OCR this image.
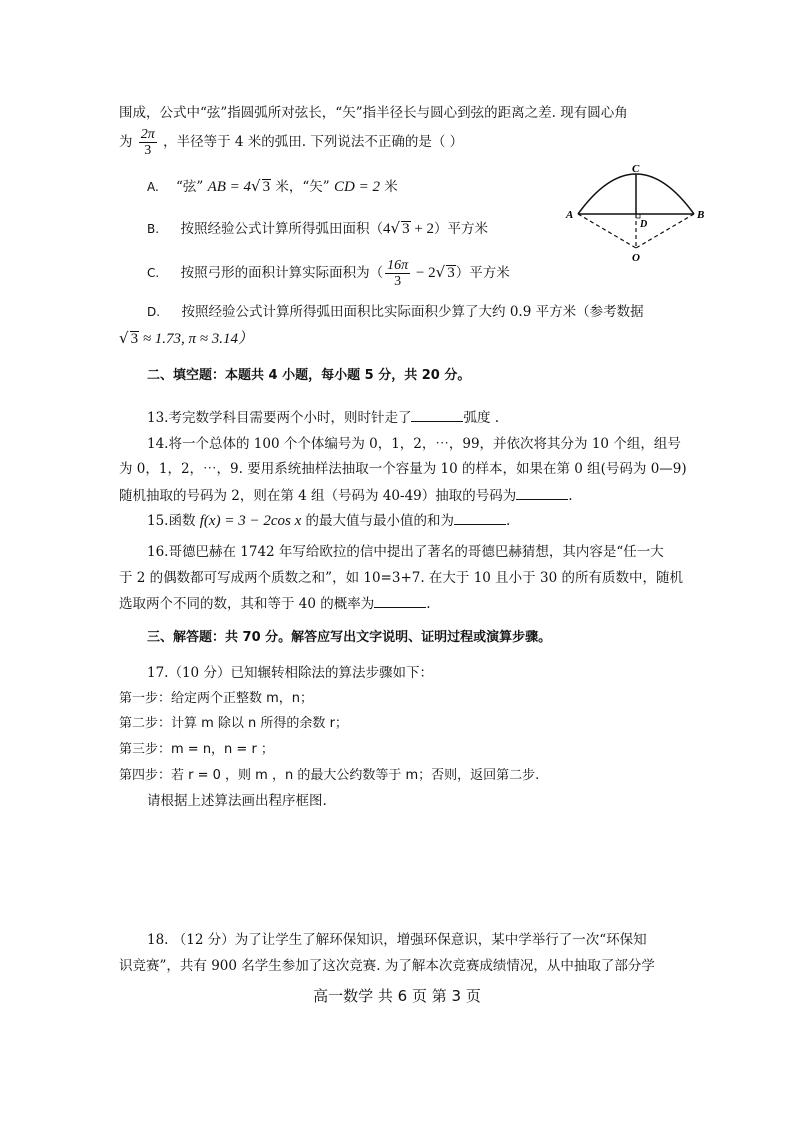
围成，公式中“弦”指圆弧所对弦长，“矢”指半径长与圆心到弦的距离之差. 现有圆心角
为 $\frac{2\pi}{3}$ ，半径等于 4 米的弧田. 下列说法不正确的是（ ）
A. “弦” AB = 4√ 3 米，“矢” CD = 2 米
B. 按照经验公式计算所得弧田面积（4√ 3 + 2）平方米
C. 按照弓形的面积计算实际面积为（ $\frac{16\pi}{3} - 2√$ 3）平方米
D. 按照经验公式计算所得弧田面积比实际面积少算了大约 0.9 平方米（参考数据
√ 3 ≈ 1.73, π ≈ 3.14）
A	B
C
D
O
二、填空题：本题共 4 小题，每小题 5 分，共 20 分。
13.考完数学科目需要两个小时，则时针走了	弧度 .
14.将一个总体的 100 个个体编号为 0，1，2，⋯，99，并依次将其分为 10 个组，组号
为 0，1，2，⋯，9. 要用系统抽样法抽取一个容量为 10 的样本，如果在第 0 组(号码为 0—9)
随机抽取的号码为 2，则在第 4 组（号码为 40-49）抽取的号码为	.
15.函数 f(x) = 3 − 2cos x 的最大值与最小值的和为	.
16.哥德巴赫在 1742 年写给欧拉的信中提出了著名的哥德巴赫猜想，其内容是“任一大
于 2 的偶数都可写成两个质数之和”，如 10=3+7. 在大于 10 且小于 30 的所有质数中，随机
选取两个不同的数，其和等于 40 的概率为	.
三、解答题：共 70 分。解答应写出文字说明、证明过程或演算步骤。
17.（10 分）已知辗转相除法的算法步骤如下：
第一步：给定两个正整数 m，n；
第二步：计算 m 除以 n 所得的余数 r；
第三步：m = n，n = r ；
第四步：若 r = 0 ，则 m ，n 的最大公约数等于 m；否则，返回第二步.
请根据上述算法画出程序框图.
18. （12 分）为了让学生了解环保知识，增强环保意识，某中学举行了一次“环保知
识竞赛”，共有 900 名学生参加了这次竞赛. 为了解本次竞赛成绩情况，从中抽取了部分学
高一数学 共 6 页 第 3 页
